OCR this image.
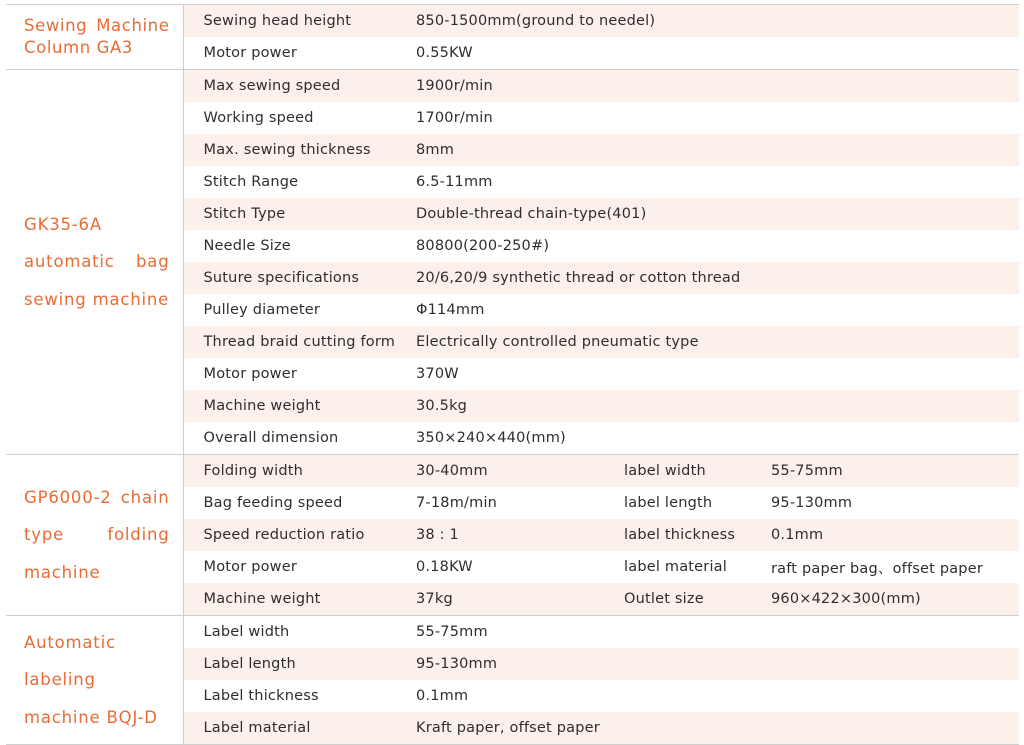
Sewing Machine Column GA3	Sewing head height	850-1500mm(ground to needel)		
	Motor power	0.55KW		
GK35-6A automatic bag sewing machine	Max sewing speed	1900r/min		
	Working speed	1700r/min		
	Max. sewing thickness	8mm		
	Stitch Range	6.5-11mm		
	Stitch Type	Double-thread chain-type(401)		
	Needle Size	80800(200-250#)		
	Suture specifications	20/6,20/9 synthetic thread or cotton thread		
	Pulley diameter	Φ114mm		
	Thread braid cutting form	Electrically controlled pneumatic type		
	Motor power	370W		
	Machine weight	30.5kg		
	Overall dimension	350×240×440(mm)		
GP6000-2 chain type folding machine	Folding width	30-40mm	label width	55-75mm
	Bag feeding speed	7-18m/min	label length	95-130mm
	Speed reduction ratio	38 : 1	label thickness	0.1mm
	Motor power	0.18KW	label material	raft paper bag、offset paper
	Machine weight	37kg	Outlet size	960×422×300(mm)
Automatic labeling machine BQJ-D	Label width	55-75mm		
	Label length	95-130mm		
	Label thickness	0.1mm		
	Label material	Kraft paper, offset paper		
